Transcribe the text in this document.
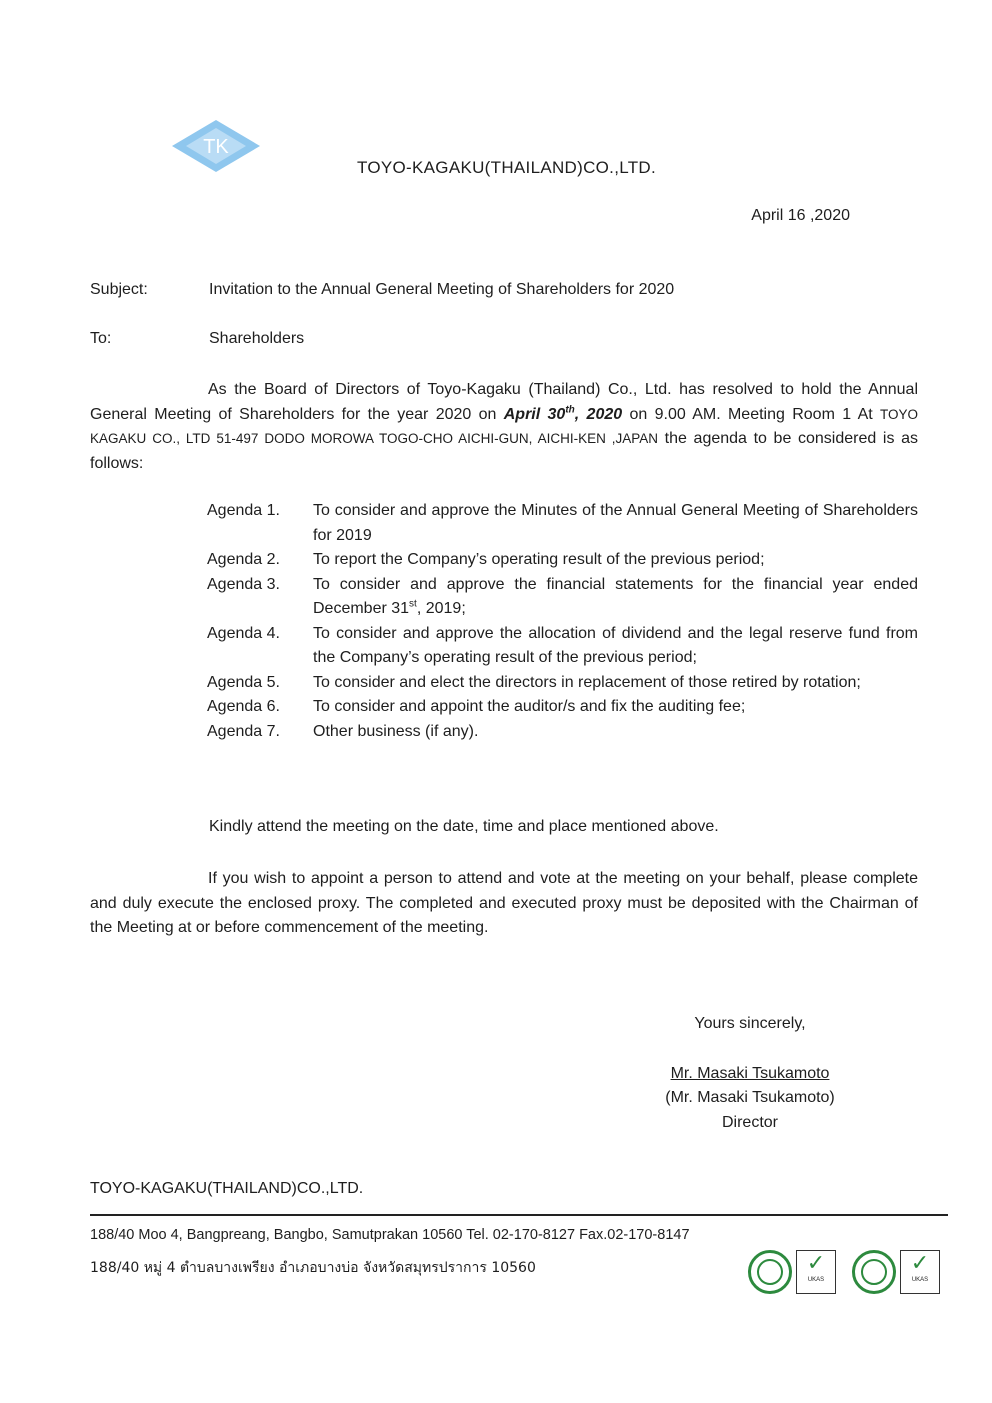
TK
TOYO-KAGAKU(THAILAND)CO.,LTD.
April 16 ,2020
Subject:	Invitation to the Annual General Meeting of Shareholders for 2020
To:	Shareholders
As the Board of Directors of Toyo-Kagaku (Thailand) Co., Ltd. has resolved to hold the Annual General Meeting of Shareholders for the year 2020 on April 30th, 2020 on 9.00 AM. Meeting Room 1 At TOYO KAGAKU CO., LTD 51-497 DODO MOROWA TOGO-CHO AICHI-GUN, AICHI-KEN ,JAPAN the agenda to be considered is as follows:
Agenda 1.	To consider and approve the Minutes of the Annual General Meeting of Shareholders for 2019
Agenda 2.	To report the Company’s operating result of the previous period;
Agenda 3.	To consider and approve the financial statements for the financial year ended December 31st, 2019;
Agenda 4.	To consider and approve the allocation of dividend and the legal reserve fund from the Company’s operating result of the previous period;
Agenda 5.	To consider and elect the directors in replacement of those retired by rotation;
Agenda 6.	To consider and appoint the auditor/s and fix the auditing fee;
Agenda 7.	Other business (if any).
Kindly attend the meeting on the date, time and place mentioned above.
If you wish to appoint a person to attend and vote at the meeting on your behalf, please complete and duly execute the enclosed proxy. The completed and executed proxy must be deposited with the Chairman of the Meeting at or before commencement of the meeting.
Yours sincerely,
Mr. Masaki Tsukamoto
(Mr. Masaki Tsukamoto)
Director
TOYO-KAGAKU(THAILAND)CO.,LTD.
188/40 Moo 4, Bangpreang, Bangbo, Samutprakan 10560 Tel. 02-170-8127 Fax.02-170-8147
188/40 หมู่ 4 ตำบลบางเพรียง อำเภอบางบ่อ จังหวัดสมุทรปราการ 10560	✓
UKAS
✓
UKAS
